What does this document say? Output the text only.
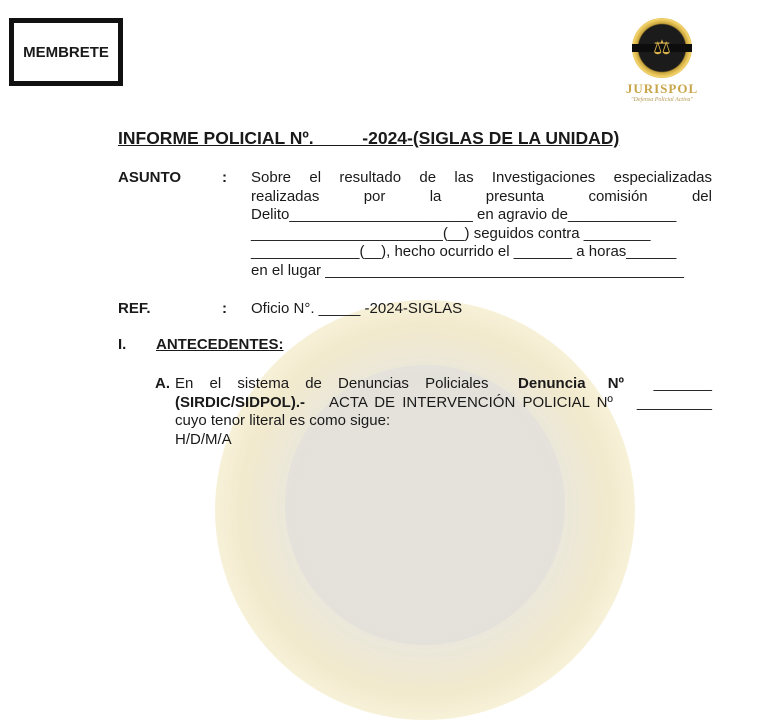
MEMBRETE	⚖
JURISPOL
"Defensa Policial Activa"
INFORME POLICIAL Nº.          -2024-(SIGLAS DE LA UNIDAD)
ASUNTO	: Sobre el resultado de las Investigaciones especializadas
realizadas por la presunta comisión del
Delito______________________ en agravio de_____________
_______________________(__) seguidos contra ________
_____________(__), hecho ocurrido el _______ a horas______
en el lugar ___________________________________________
REF.	: Oficio N°. _____ -2024-SIGLAS
I. ANTECEDENTES:
A. En el sistema de Denuncias Policiales Denuncia Nº _______
(SIRDIC/SIDPOL).- ACTA DE INTERVENCIÓN POLICIAL Nº _________
cuyo tenor literal es como sigue:
H/D/M/A
